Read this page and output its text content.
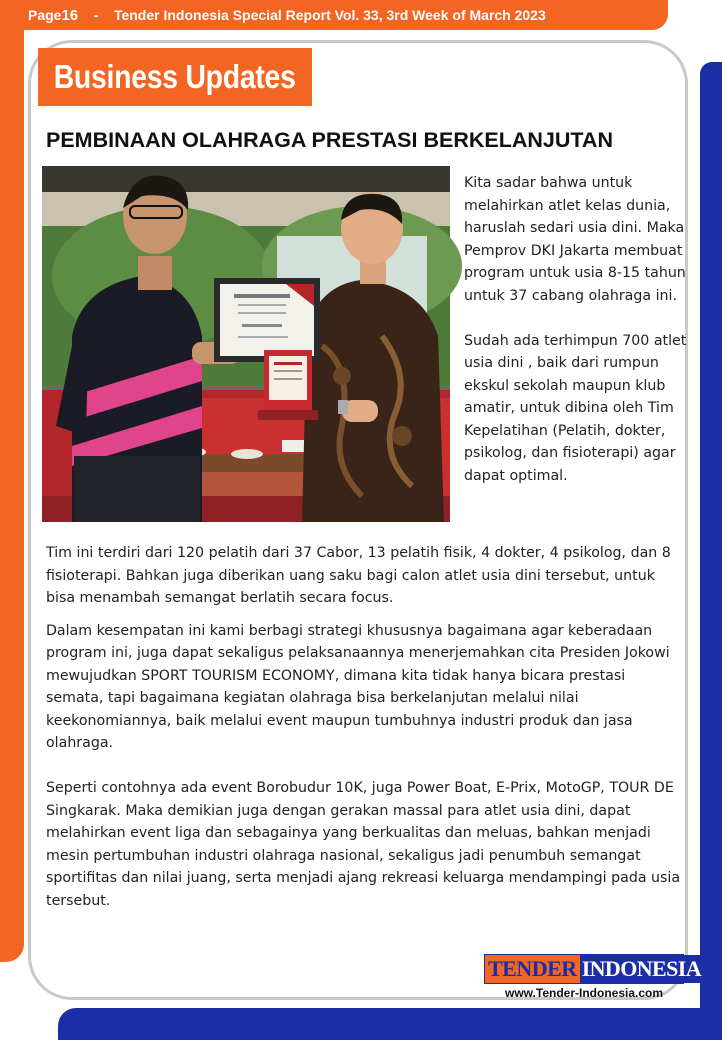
Page16 - Tender Indonesia Special Report Vol. 33, 3rd Week of March 2023

Business Updates
PEMBINAAN OLAHRAGA PRESTASI BERKELANJUTAN

Kita sadar bahwa untuk melahirkan atlet kelas dunia, haruslah sedari usia dini. Maka Pemprov DKI Jakarta membuat program untuk usia 8-15 tahun untuk 37 cabang olahraga ini.

Sudah ada terhimpun 700 atlet usia dini , baik dari rumpun ekskul sekolah maupun klub amatir, untuk dibina oleh Tim Kepelatihan (Pelatih, dokter, psikolog, dan fisioterapi) agar dapat optimal.

Tim ini terdiri dari 120 pelatih dari 37 Cabor, 13 pelatih fisik, 4 dokter, 4 psikolog, dan 8 fisioterapi. Bahkan juga diberikan uang saku bagi calon atlet usia dini tersebut, untuk bisa menambah semangat berlatih secara focus.

Dalam kesempatan ini kami berbagi strategi khususnya bagaimana agar keberadaan program ini, juga dapat sekaligus pelaksanaannya menerjemahkan cita Presiden Jokowi mewujudkan SPORT TOURISM ECONOMY, dimana kita tidak hanya bicara prestasi semata, tapi bagaimana kegiatan olahraga bisa berkelanjutan melalui nilai keekonomiannya, baik melalui event maupun tumbuhnya industri produk dan jasa olahraga.

Seperti contohnya ada event Borobudur 10K, juga Power Boat, E-Prix, MotoGP, TOUR DE Singkarak. Maka demikian juga dengan gerakan massal para atlet usia dini, dapat melahirkan event liga dan sebagainya yang berkualitas dan meluas, bahkan menjadi mesin pertumbuhan industri olahraga nasional, sekaligus jadi penumbuh semangat sportifitas dan nilai juang, serta menjadi ajang rekreasi keluarga mendampingi pada usia tersebut.

TENDER INDONESIA
www.Tender-Indonesia.com
